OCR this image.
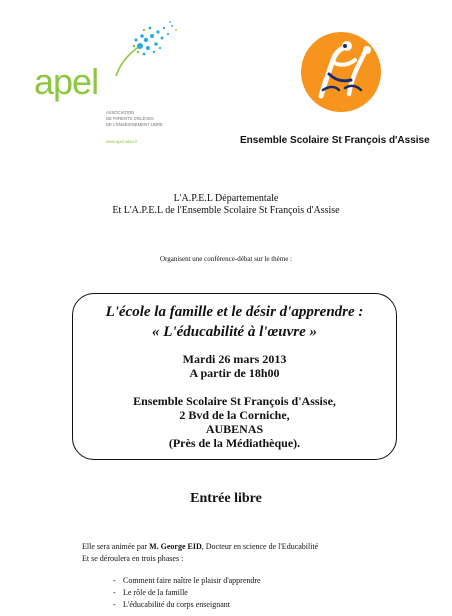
apel
ASSOCIATION
DE PARENTS D'ÉLÈVES
DE L'ENSEIGNEMENT LIBRE
www.apel.asso.fr	Ensemble Scolaire St François d'Assise
L'A.P.E.L Départementale
Et L'A.P.E.L de l'Ensemble Scolaire St François d'Assise
Organisent une conférence-débat sur le thème :
L'école la famille et le désir d'apprendre :
« L'éducabilité à l'œuvre »
Mardi 26 mars 2013
A partir de 18h00
Ensemble Scolaire St François d'Assise,
2 Bvd de la Corniche,
AUBENAS
(Près de la Médiathèque).
Entrée libre
Elle sera animée par M. George EID, Docteur en science de l'Educabilité
Et se déroulera en trois phases :
- Comment faire naître le plaisir d'apprendre
- Le rôle de la famille
- L'éducabilité du corps enseignant
